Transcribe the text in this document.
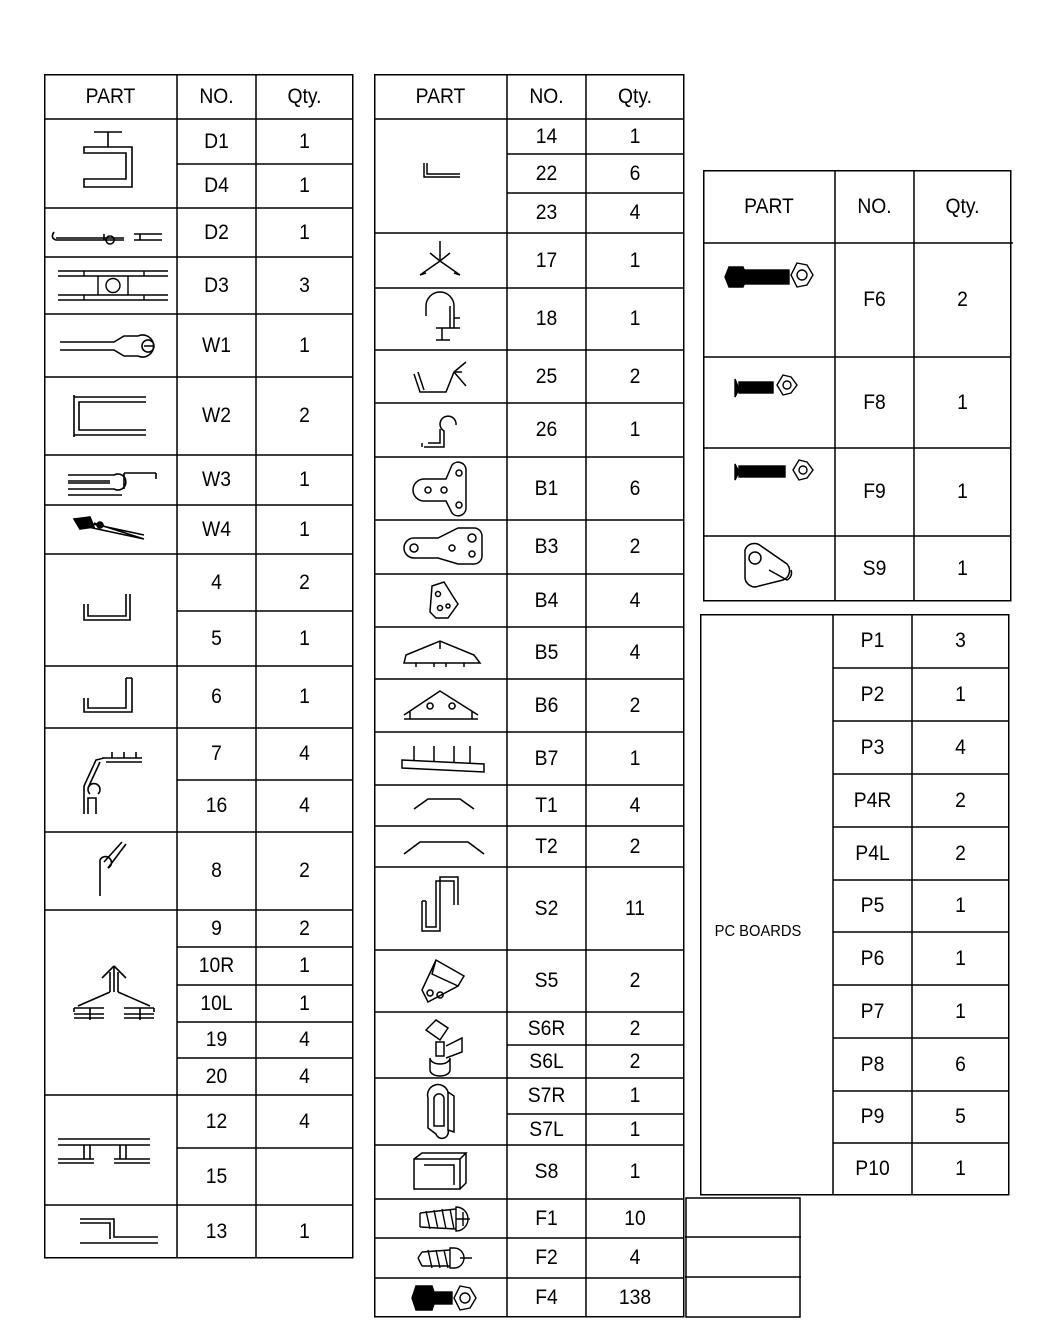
PART	NO.	Qty.
D1	1
D4	1
D2	1
D3	3
W1	1
W2	2
W3	1
W4	1
4	2
5	1
6	1
7	4
16	4
8	2
9	2
10R	1
10L	1
19	4
20	4
12	4
15
13	1
PART	NO.	Qty.
14	1
22	6
23	4
17	1
18	1
25	2
26	1
B1	6
B3	2
B4	4
B5	4
B6	2
B7	1
T1	4
T2	2
S2	11
S5	2
S6R	2
S6L	2
S7R	1
S7L	1
S8	1
F1	10
F2	4
F4	138
PART	NO.	Qty.
F6	2
F8	1
F9	1
S9	1
PC BOARDS
P1	3
P2	1
P3	4
P4R	2
P4L	2
P5	1
P6	1
P7	1
P8	6
P9	5
P10	1
